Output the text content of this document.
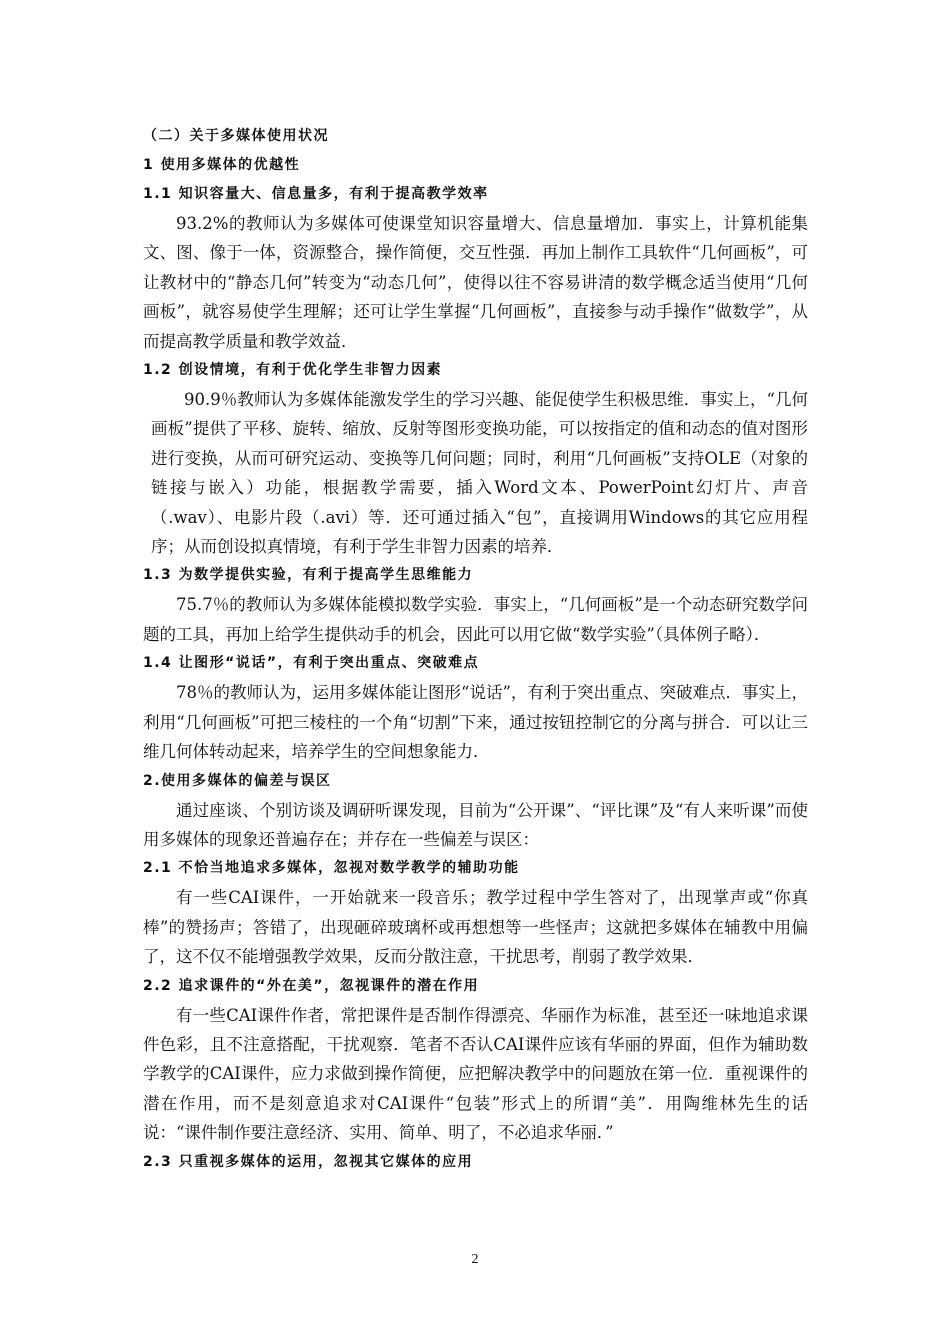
（二）关于多媒体使用状况
1 使用多媒体的优越性
1.1 知识容量大、信息量多，有利于提高教学效率

93.2%的教师认为多媒体可使课堂知识容量增大、信息量增加．事实上，计算机能集文、图、像于一体，资源整合，操作简便，交互性强．再加上制作工具软件“几何画板”，可让教材中的“静态几何”转变为“动态几何”，使得以往不容易讲清的数学概念适当使用“几何画板”，就容易使学生理解；还可让学生掌握“几何画板”，直接参与动手操作“做数学”，从而提高教学质量和教学效益．

1.2 创设情境，有利于优化学生非智力因素

90.9％教师认为多媒体能激发学生的学习兴趣、能促使学生积极思维．事实上，“几何画板”提供了平移、旋转、缩放、反射等图形变换功能，可以按指定的值和动态的值对图形进行变换，从而可研究运动、变换等几何问题；同时，利用“几何画板”支持OLE（对象的链接与嵌入）功能，根据教学需要，插入Word文本、PowerPoint幻灯片、声音（.wav）、电影片段（.avi）等．还可通过插入“包”，直接调用Windows的其它应用程序；从而创设拟真情境，有利于学生非智力因素的培养．

1.3 为数学提供实验，有利于提高学生思维能力

75.7％的教师认为多媒体能模拟数学实验．事实上，“几何画板”是一个动态研究数学问题的工具，再加上给学生提供动手的机会，因此可以用它做“数学实验”（具体例子略）．

1.4 让图形“说话”，有利于突出重点、突破难点

78％的教师认为，运用多媒体能让图形“说话”，有利于突出重点、突破难点．事实上，利用“几何画板”可把三棱柱的一个角“切割”下来，通过按钮控制它的分离与拼合．可以让三维几何体转动起来，培养学生的空间想象能力．

2.使用多媒体的偏差与误区

通过座谈、个别访谈及调研听课发现，目前为“公开课”、“评比课”及“有人来听课”而使用多媒体的现象还普遍存在；并存在一些偏差与误区：

2.1 不恰当地追求多媒体，忽视对数学教学的辅助功能

有一些CAI课件，一开始就来一段音乐；教学过程中学生答对了，出现掌声或“你真棒”的赞扬声；答错了，出现砸碎玻璃杯或再想想等一些怪声；这就把多媒体在辅教中用偏了，这不仅不能增强教学效果，反而分散注意，干扰思考，削弱了教学效果．

2.2 追求课件的“外在美”，忽视课件的潜在作用

有一些CAI课件作者，常把课件是否制作得漂亮、华丽作为标准，甚至还一味地追求课件色彩，且不注意搭配，干扰观察．笔者不否认CAI课件应该有华丽的界面，但作为辅助数学教学的CAI课件，应力求做到操作简便，应把解决教学中的问题放在第一位．重视课件的潜在作用，而不是刻意追求对CAI课件“包装”形式上的所谓“美”．用陶维林先生的话说：“课件制作要注意经济、实用、简单、明了，不必追求华丽．”

2.3 只重视多媒体的运用，忽视其它媒体的应用
2
